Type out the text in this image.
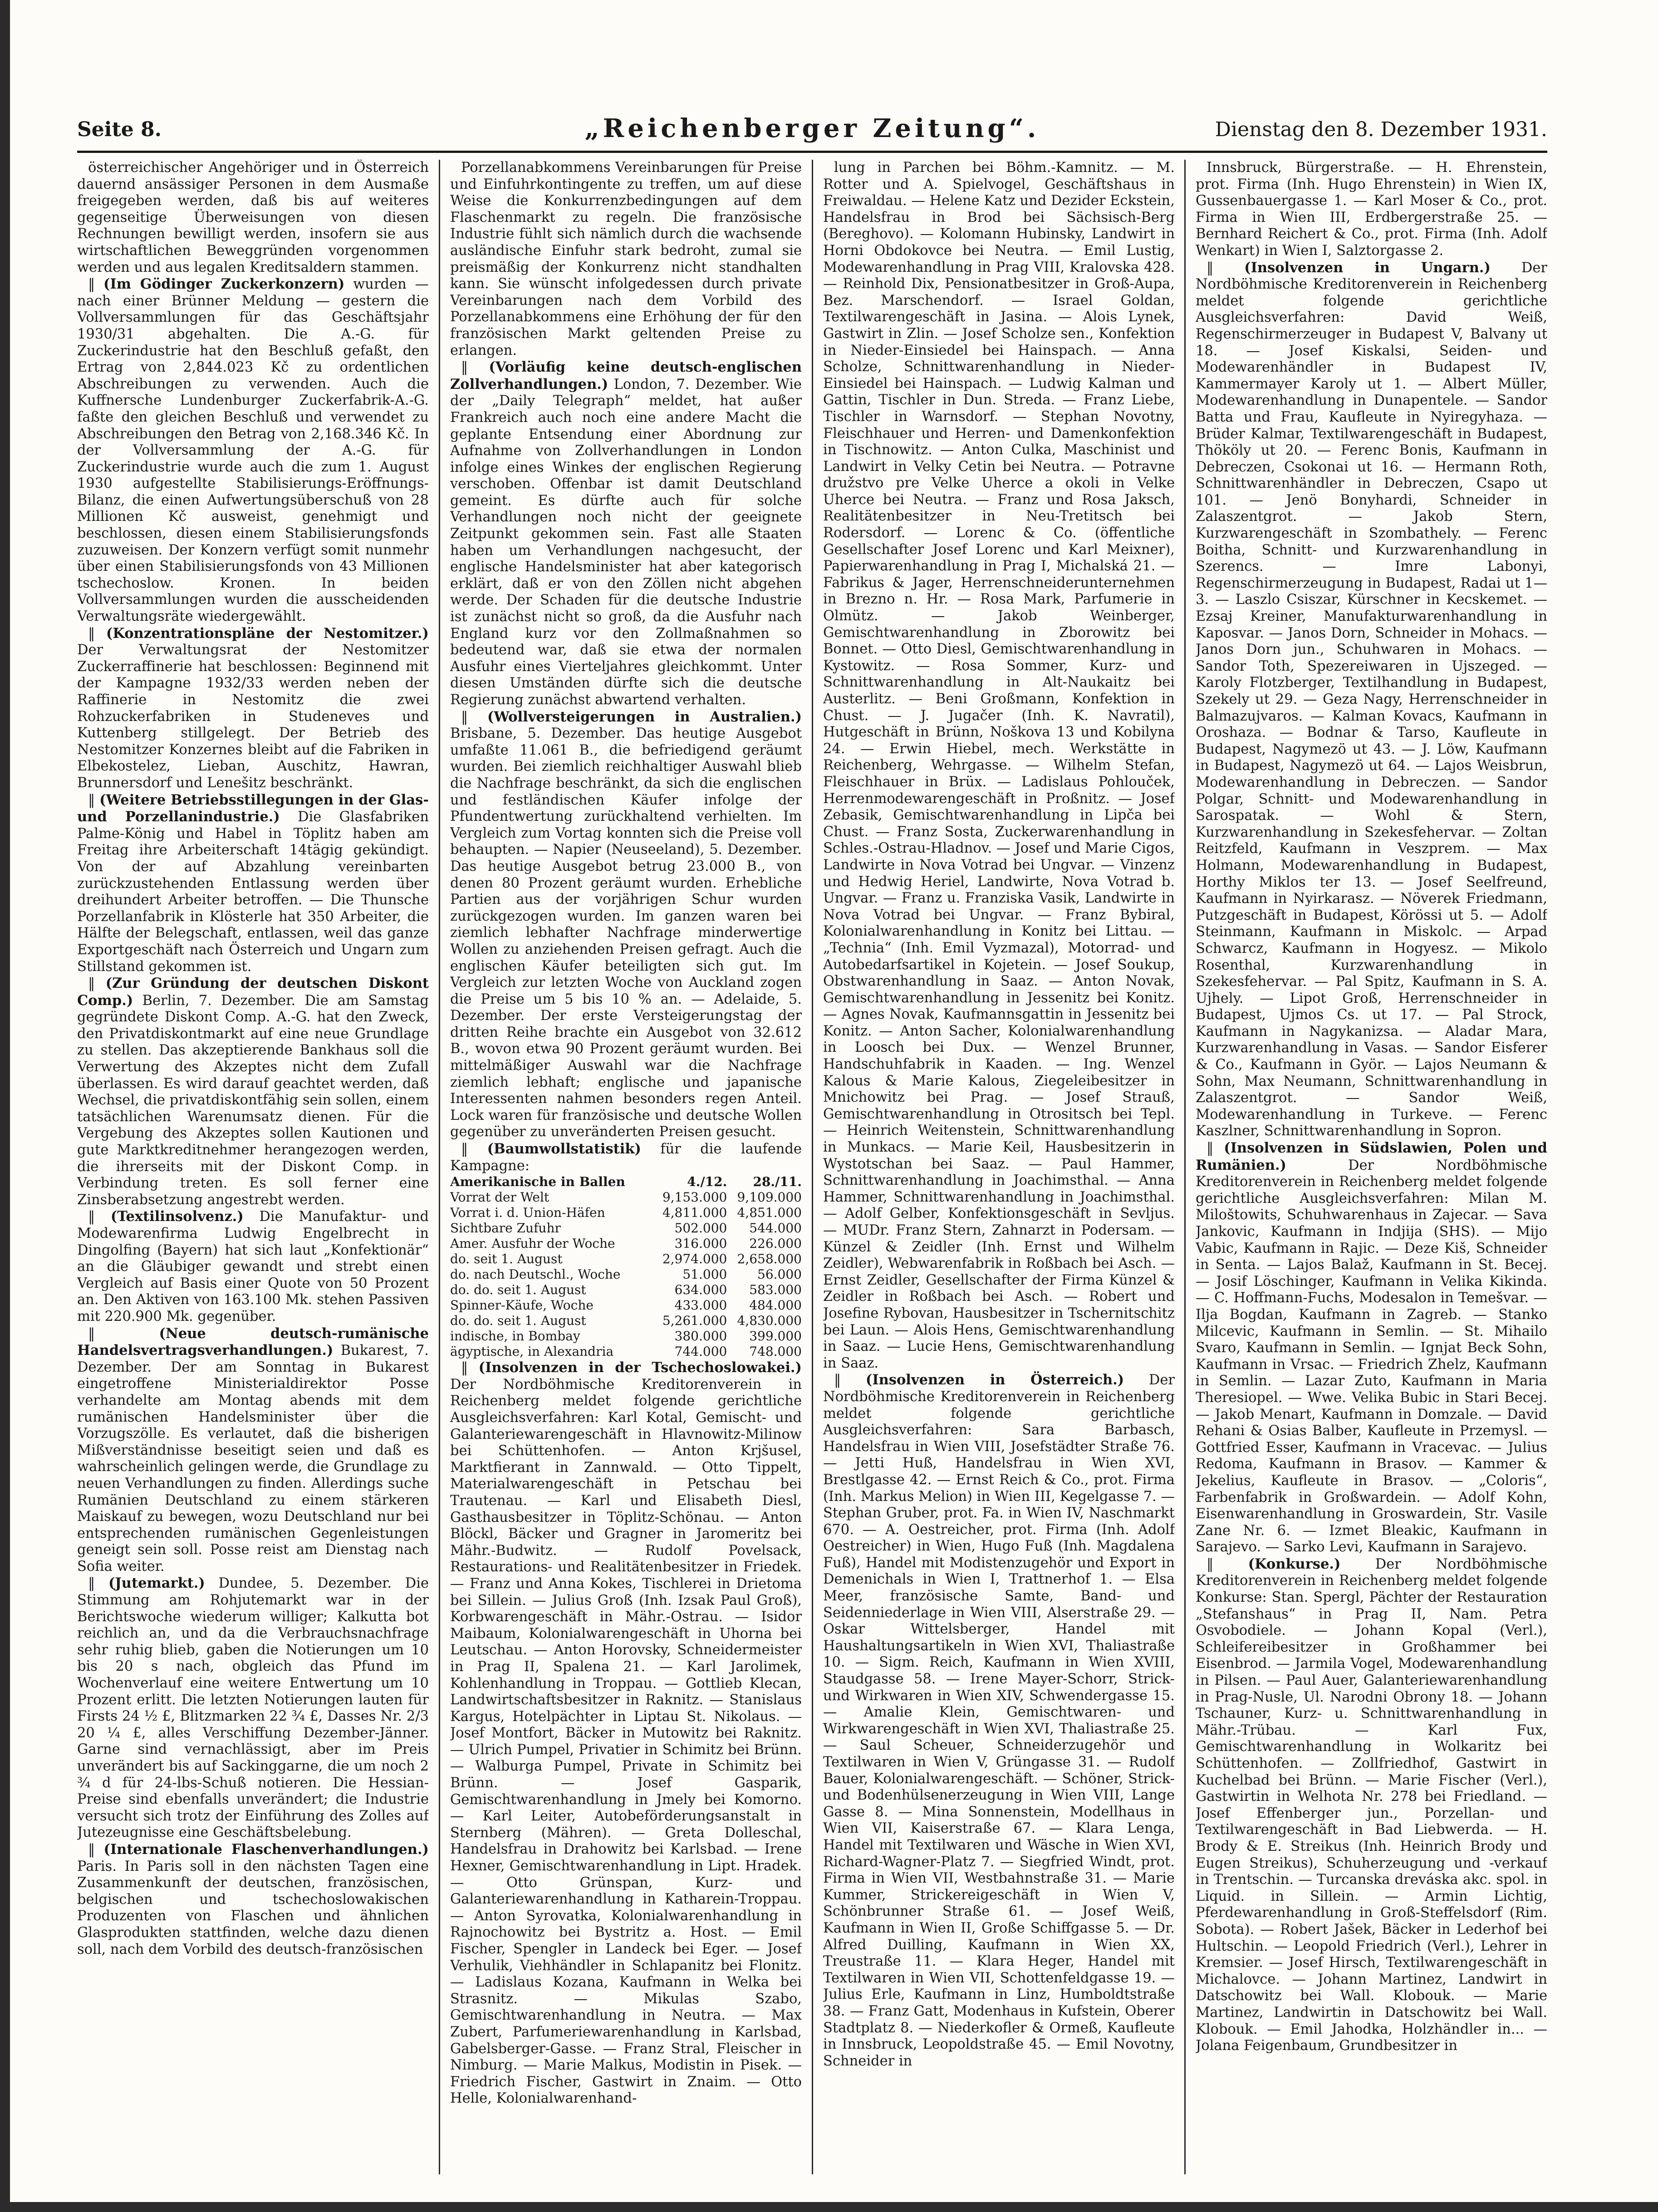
Seite 8.	„Reichenberger Zeitung“.	Dienstag den 8. Dezember 1931.

österreichischer Angehöriger und in Österreich dauernd ansässiger Personen in dem Ausmaße freigegeben werden, daß bis auf weiteres gegenseitige Überweisungen von diesen Rechnungen bewilligt werden, insofern sie aus wirtschaftlichen Beweggründen vorgenommen werden und aus legalen Kreditsaldern stammen.

‖ (Im Gödinger Zuckerkonzern) wurden — nach einer Brünner Meldung — gestern die Vollversammlungen für das Geschäftsjahr 1930/31 abgehalten. Die A.-G. für Zuckerindustrie hat den Beschluß gefaßt, den Ertrag von 2,844.023 Kč zu ordentlichen Abschreibungen zu verwenden. Auch die Kuffnersche Lundenburger Zuckerfabrik-A.-G. faßte den gleichen Beschluß und verwendet zu Abschreibungen den Betrag von 2,168.346 Kč. In der Vollversammlung der A.-G. für Zuckerindustrie wurde auch die zum 1. August 1930 aufgestellte Stabilisierungs-Eröffnungs-Bilanz, die einen Aufwertungsüberschuß von 28 Millionen Kč ausweist, genehmigt und beschlossen, diesen einem Stabilisierungsfonds zuzuweisen. Der Konzern verfügt somit nunmehr über einen Stabilisierungsfonds von 43 Millionen tschechoslow. Kronen. In beiden Vollversammlungen wurden die ausscheidenden Verwaltungsräte wiedergewählt.

‖ (Konzentrationspläne der Nestomitzer.) Der Verwaltungsrat der Nestomitzer Zuckerraffinerie hat beschlossen: Beginnend mit der Kampagne 1932/33 werden neben der Raffinerie in Nestomitz die zwei Rohzuckerfabriken in Studeneves und Kuttenberg stillgelegt. Der Betrieb des Nestomitzer Konzernes bleibt auf die Fabriken in Elbekostelez, Lieban, Auschitz, Hawran, Brunnersdorf und Lenešitz beschränkt.

‖ (Weitere Betriebsstillegungen in der Glas- und Porzellanindustrie.) Die Glasfabriken Palme-König und Habel in Töplitz haben am Freitag ihre Arbeiterschaft 14tägig gekündigt. Von der auf Abzahlung vereinbarten zurückzustehenden Entlassung werden über dreihundert Arbeiter betroffen. — Die Thunsche Porzellanfabrik in Klösterle hat 350 Arbeiter, die Hälfte der Belegschaft, entlassen, weil das ganze Exportgeschäft nach Österreich und Ungarn zum Stillstand gekommen ist.

‖ (Zur Gründung der deutschen Diskont Comp.) Berlin, 7. Dezember. Die am Samstag gegründete Diskont Comp. A.-G. hat den Zweck, den Privatdiskontmarkt auf eine neue Grundlage zu stellen. Das akzeptierende Bankhaus soll die Verwertung des Akzeptes nicht dem Zufall überlassen. Es wird darauf geachtet werden, daß Wechsel, die privatdiskontfähig sein sollen, einem tatsächlichen Warenumsatz dienen. Für die Vergebung des Akzeptes sollen Kautionen und gute Marktkreditnehmer herangezogen werden, die ihrerseits mit der Diskont Comp. in Verbindung treten. Es soll ferner eine Zinsberabsetzung angestrebt werden.

‖ (Textilinsolvenz.) Die Manufaktur- und Modewarenfirma Ludwig Engelbrecht in Dingolfing (Bayern) hat sich laut „Konfektionär“ an die Gläubiger gewandt und strebt einen Vergleich auf Basis einer Quote von 50 Prozent an. Den Aktiven von 163.100 Mk. stehen Passiven mit 220.900 Mk. gegenüber.

‖ (Neue deutsch-rumänische Handelsvertragsverhandlungen.) Bukarest, 7. Dezember. Der am Sonntag in Bukarest eingetroffene Ministerialdirektor Posse verhandelte am Montag abends mit dem rumänischen Handelsminister über die Vorzugszölle. Es verlautet, daß die bisherigen Mißverständnisse beseitigt seien und daß es wahrscheinlich gelingen werde, die Grundlage zu neuen Verhandlungen zu finden. Allerdings suche Rumänien Deutschland zu einem stärkeren Maiskauf zu bewegen, wozu Deutschland nur bei entsprechenden rumänischen Gegenleistungen geneigt sein soll. Posse reist am Dienstag nach Sofia weiter.

‖ (Jutemarkt.) Dundee, 5. Dezember. Die Stimmung am Rohjutemarkt war in der Berichtswoche wiederum williger; Kalkutta bot reichlich an, und da die Verbrauchsnachfrage sehr ruhig blieb, gaben die Notierungen um 10 bis 20 s nach, obgleich das Pfund im Wochenverlauf eine weitere Entwertung um 10 Prozent erlitt. Die letzten Notierungen lauten für Firsts 24 ½ £, Blitzmarken 22 ¾ £, Dasses Nr. 2/3 20 ¼ £, alles Verschiffung Dezember-Jänner. Garne sind vernachlässigt, aber im Preis unverändert bis auf Sackinggarne, die um noch 2 ¾ d für 24-lbs-Schuß notieren. Die Hessian-Preise sind ebenfalls unverändert; die Industrie versucht sich trotz der Einführung des Zolles auf Jutezeugnisse eine Geschäftsbelebung.

‖ (Internationale Flaschenverhandlungen.) Paris. In Paris soll in den nächsten Tagen eine Zusammenkunft der deutschen, französischen, belgischen und tschechoslowakischen Produzenten von Flaschen und ähnlichen Glasprodukten stattfinden, welche dazu dienen soll, nach dem Vorbild des deutsch-französischen

Porzellanabkommens Vereinbarungen für Preise und Einfuhrkontingente zu treffen, um auf diese Weise die Konkurrenzbedingungen auf dem Flaschenmarkt zu regeln. Die französische Industrie fühlt sich nämlich durch die wachsende ausländische Einfuhr stark bedroht, zumal sie preismäßig der Konkurrenz nicht standhalten kann. Sie wünscht infolgedessen durch private Vereinbarungen nach dem Vorbild des Porzellanabkommens eine Erhöhung der für den französischen Markt geltenden Preise zu erlangen.

‖ (Vorläufig keine deutsch-englischen Zollverhandlungen.) London, 7. Dezember. Wie der „Daily Telegraph“ meldet, hat außer Frankreich auch noch eine andere Macht die geplante Entsendung einer Abordnung zur Aufnahme von Zollverhandlungen in London infolge eines Winkes der englischen Regierung verschoben. Offenbar ist damit Deutschland gemeint. Es dürfte auch für solche Verhandlungen noch nicht der geeignete Zeitpunkt gekommen sein. Fast alle Staaten haben um Verhandlungen nachgesucht, der englische Handelsminister hat aber kategorisch erklärt, daß er von den Zöllen nicht abgehen werde. Der Schaden für die deutsche Industrie ist zunächst nicht so groß, da die Ausfuhr nach England kurz vor den Zollmaßnahmen so bedeutend war, daß sie etwa der normalen Ausfuhr eines Vierteljahres gleichkommt. Unter diesen Umständen dürfte sich die deutsche Regierung zunächst abwartend verhalten.

‖ (Wollversteigerungen in Australien.) Brisbane, 5. Dezember. Das heutige Ausgebot umfaßte 11.061 B., die befriedigend geräumt wurden. Bei ziemlich reichhaltiger Auswahl blieb die Nachfrage beschränkt, da sich die englischen und festländischen Käufer infolge der Pfundentwertung zurückhaltend verhielten. Im Vergleich zum Vortag konnten sich die Preise voll behaupten. — Napier (Neuseeland), 5. Dezember. Das heutige Ausgebot betrug 23.000 B., von denen 80 Prozent geräumt wurden. Erhebliche Partien aus der vorjährigen Schur wurden zurückgezogen wurden. Im ganzen waren bei ziemlich lebhafter Nachfrage minderwertige Wollen zu anziehenden Preisen gefragt. Auch die englischen Käufer beteiligten sich gut. Im Vergleich zur letzten Woche von Auckland zogen die Preise um 5 bis 10 % an. — Adelaide, 5. Dezember. Der erste Versteigerungstag der dritten Reihe brachte ein Ausgebot von 32.612 B., wovon etwa 90 Prozent geräumt wurden. Bei mittelmäßiger Auswahl war die Nachfrage ziemlich lebhaft; englische und japanische Interessenten nahmen besonders regen Anteil. Lock waren für französische und deutsche Wollen gegenüber zu unveränderten Preisen gesucht.

‖ (Baumwollstatistik) für die laufende Kampagne:

Amerikanische in Ballen	4./12.	28./11.
Vorrat der Welt	9,153.000	9,109.000
Vorrat i. d. Union-Häfen	4,811.000	4,851.000
Sichtbare Zufuhr	502.000	544.000
Amer. Ausfuhr der Woche	316.000	226.000
do. seit 1. August	2,974.000	2,658.000
do. nach Deutschl., Woche	51.000	56.000
do. do. seit 1. August	634.000	583.000
Spinner-Käufe, Woche	433.000	484.000
do. do. seit 1. August	5,261.000	4,830.000
indische, in Bombay	380.000	399.000
ägyptische, in Alexandria	744.000	748.000

‖ (Insolvenzen in der Tschechoslowakei.) Der Nordböhmische Kreditorenverein in Reichenberg meldet folgende gerichtliche Ausgleichsverfahren: Karl Kotal, Gemischt- und Galanteriewarengeschäft in Hlavnowitz-Milinow bei Schüttenhofen. — Anton Krjšusel, Marktfierant in Zannwald. — Otto Tippelt, Materialwarengeschäft in Petschau bei Trautenau. — Karl und Elisabeth Diesl, Gasthausbesitzer in Töplitz-Schönau. — Anton Blöckl, Bäcker und Gragner in Jaromeritz bei Mähr.-Budwitz. — Rudolf Povelsack, Restaurations- und Realitätenbesitzer in Friedek. — Franz und Anna Kokes, Tischlerei in Drietoma bei Sillein. — Julius Groß (Inh. Izsak Paul Groß), Korbwarengeschäft in Mähr.-Ostrau. — Isidor Maibaum, Kolonialwarengeschäft in Uhorna bei Leutschau. — Anton Horovsky, Schneidermeister in Prag II, Spalena 21. — Karl Jarolimek, Kohlenhandlung in Troppau. — Gottlieb Klecan, Landwirtschaftsbesitzer in Raknitz. — Stanislaus Kargus, Hotelpächter in Liptau St. Nikolaus. — Josef Montfort, Bäcker in Mutowitz bei Raknitz. — Ulrich Pumpel, Privatier in Schimitz bei Brünn. — Walburga Pumpel, Private in Schimitz bei Brünn. — Josef Gasparik, Gemischtwarenhandlung in Jmely bei Komorno. — Karl Leiter, Autobeförderungsanstalt in Sternberg (Mähren). — Greta Dolleschal, Handelsfrau in Drahowitz bei Karlsbad. — Irene Hexner, Gemischtwarenhandlung in Lipt. Hradek. — Otto Grünspan, Kurz- und Galanteriewarenhandlung in Katharein-Troppau. — Anton Syrovatka, Kolonialwarenhandlung in Rajnochowitz bei Bystritz a. Host. — Emil Fischer, Spengler in Landeck bei Eger. — Josef Verhulik, Viehhändler in Schlapanitz bei Flonitz. — Ladislaus Kozana, Kaufmann in Welka bei Strasnitz. — Mikulas Szabo, Gemischtwarenhandlung in Neutra. — Max Zubert, Parfumeriewarenhandlung in Karlsbad, Gabelsberger-Gasse. — Franz Stral, Fleischer in Nimburg. — Marie Malkus, Modistin in Pisek. — Friedrich Fischer, Gastwirt in Znaim. — Otto Helle, Kolonialwarenhand-

lung in Parchen bei Böhm.-Kamnitz. — M. Rotter und A. Spielvogel, Geschäftshaus in Freiwaldau. — Helene Katz und Dezider Eckstein, Handelsfrau in Brod bei Sächsisch-Berg (Bereghovo). — Kolomann Hubinsky, Landwirt in Horni Obdokovce bei Neutra. — Emil Lustig, Modewarenhandlung in Prag VIII, Kralovska 428. — Reinhold Dix, Pensionatbesitzer in Groß-Aupa, Bez. Marschendorf. — Israel Goldan, Textilwarengeschäft in Jasina. — Alois Lynek, Gastwirt in Zlin. — Josef Scholze sen., Konfektion in Nieder-Einsiedel bei Hainspach. — Anna Scholze, Schnittwarenhandlung in Nieder-Einsiedel bei Hainspach. — Ludwig Kalman und Gattin, Tischler in Dun. Streda. — Franz Liebe, Tischler in Warnsdorf. — Stephan Novotny, Fleischhauer und Herren- und Damenkonfektion in Tischnowitz. — Anton Culka, Maschinist und Landwirt in Velky Cetin bei Neutra. — Potravne družstvo pre Velke Uherce a okoli in Velke Uherce bei Neutra. — Franz und Rosa Jaksch, Realitätenbesitzer in Neu-Tretitsch bei Rodersdorf. — Lorenc & Co. (öffentliche Gesellschafter Josef Lorenc und Karl Meixner), Papierwarenhandlung in Prag I, Michalská 21. — Fabrikus & Jager, Herrenschneiderunternehmen in Brezno n. Hr. — Rosa Mark, Parfumerie in Olmütz. — Jakob Weinberger, Gemischtwarenhandlung in Zborowitz bei Bonnet. — Otto Diesl, Gemischtwarenhandlung in Kystowitz. — Rosa Sommer, Kurz- und Schnittwarenhandlung in Alt-Naukaitz bei Austerlitz. — Beni Großmann, Konfektion in Chust. — J. Jugačer (Inh. K. Navratil), Hutgeschäft in Brünn, Noškova 13 und Kobilyna 24. — Erwin Hiebel, mech. Werkstätte in Reichenberg, Wehrgasse. — Wilhelm Stefan, Fleischhauer in Brüx. — Ladislaus Pohlouček, Herrenmodewarengeschäft in Proßnitz. — Josef Zebasik, Gemischtwarenhandlung in Lipča bei Chust. — Franz Sosta, Zuckerwarenhandlung in Schles.-Ostrau-Hladnov. — Josef und Marie Cigos, Landwirte in Nova Votrad bei Ungvar. — Vinzenz und Hedwig Heriel, Landwirte, Nova Votrad b. Ungvar. — Franz u. Franziska Vasik, Landwirte in Nova Votrad bei Ungvar. — Franz Bybiral, Kolonialwarenhandlung in Konitz bei Littau. — „Technia“ (Inh. Emil Vyzmazal), Motorrad- und Autobedarfsartikel in Kojetein. — Josef Soukup, Obstwarenhandlung in Saaz. — Anton Novak, Gemischtwarenhandlung in Jessenitz bei Konitz. — Agnes Novak, Kaufmannsgattin in Jessenitz bei Konitz. — Anton Sacher, Kolonialwarenhandlung in Loosch bei Dux. — Wenzel Brunner, Handschuhfabrik in Kaaden. — Ing. Wenzel Kalous & Marie Kalous, Ziegeleibesitzer in Mnichowitz bei Prag. — Josef Strauß, Gemischtwarenhandlung in Otrositsch bei Tepl. — Heinrich Weitenstein, Schnittwarenhandlung in Munkacs. — Marie Keil, Hausbesitzerin in Wystotschan bei Saaz. — Paul Hammer, Schnittwarenhandlung in Joachimsthal. — Anna Hammer, Schnittwarenhandlung in Joachimsthal. — Adolf Gelber, Konfektionsgeschäft in Sevljus. — MUDr. Franz Stern, Zahnarzt in Podersam. — Künzel & Zeidler (Inh. Ernst und Wilhelm Zeidler), Webwarenfabrik in Roßbach bei Asch. — Ernst Zeidler, Gesellschafter der Firma Künzel & Zeidler in Roßbach bei Asch. — Robert und Josefine Rybovan, Hausbesitzer in Tschernitschitz bei Laun. — Alois Hens, Gemischtwarenhandlung in Saaz. — Lucie Hens, Gemischtwarenhandlung in Saaz.

‖ (Insolvenzen in Österreich.) Der Nordböhmische Kreditorenverein in Reichenberg meldet folgende gerichtliche Ausgleichsverfahren: Sara Barbasch, Handelsfrau in Wien VIII, Josefstädter Straße 76. — Jetti Huß, Handelsfrau in Wien XVI, Brestlgasse 42. — Ernst Reich & Co., prot. Firma (Inh. Markus Melion) in Wien III, Kegelgasse 7. — Stephan Gruber, prot. Fa. in Wien IV, Naschmarkt 670. — A. Oestreicher, prot. Firma (Inh. Adolf Oestreicher) in Wien, Hugo Fuß (Inh. Magdalena Fuß), Handel mit Modistenzugehör und Export in Demenichals in Wien I, Trattnerhof 1. — Elsa Meer, französische Samte, Band- und Seidenniederlage in Wien VIII, Alserstraße 29. — Oskar Wittelsberger, Handel mit Haushaltungsartikeln in Wien XVI, Thaliastraße 10. — Sigm. Reich, Kaufmann in Wien XVIII, Staudgasse 58. — Irene Mayer-Schorr, Strick- und Wirkwaren in Wien XIV, Schwendergasse 15. — Amalie Klein, Gemischtwaren- und Wirkwarengeschäft in Wien XVI, Thaliastraße 25. — Saul Scheuer, Schneiderzugehör und Textilwaren in Wien V, Grüngasse 31. — Rudolf Bauer, Kolonialwarengeschäft. — Schöner, Strick- und Bodenhülsenerzeugung in Wien VIII, Lange Gasse 8. — Mina Sonnenstein, Modellhaus in Wien VII, Kaiserstraße 67. — Klara Lenga, Handel mit Textilwaren und Wäsche in Wien XVI, Richard-Wagner-Platz 7. — Siegfried Windt, prot. Firma in Wien VII, Westbahnstraße 31. — Marie Kummer, Strickereigeschäft in Wien V, Schönbrunner Straße 61. — Josef Weiß, Kaufmann in Wien II, Große Schiffgasse 5. — Dr. Alfred Duilling, Kaufmann in Wien XX, Treustraße 11. — Klara Heger, Handel mit Textilwaren in Wien VII, Schottenfeldgasse 19. — Julius Erle, Kaufmann in Linz, Humboldtstraße 38. — Franz Gatt, Modenhaus in Kufstein, Oberer Stadtplatz 8. — Niederkofler & Ormeß, Kaufleute in Innsbruck, Leopoldstraße 45. — Emil Novotny, Schneider in

Innsbruck, Bürgerstraße. — H. Ehrenstein, prot. Firma (Inh. Hugo Ehrenstein) in Wien IX, Gussenbauergasse 1. — Karl Moser & Co., prot. Firma in Wien III, Erdbergerstraße 25. — Bernhard Reichert & Co., prot. Firma (Inh. Adolf Wenkart) in Wien I, Salztorgasse 2.

‖ (Insolvenzen in Ungarn.) Der Nordböhmische Kreditorenverein in Reichenberg meldet folgende gerichtliche Ausgleichsverfahren: David Weiß, Regenschirmerzeuger in Budapest V, Balvany ut 18. — Josef Kiskalsi, Seiden- und Modewarenhändler in Budapest IV, Kammermayer Karoly ut 1. — Albert Müller, Modewarenhandlung in Dunapentele. — Sandor Batta und Frau, Kaufleute in Nyiregyhaza. — Brüder Kalmar, Textilwarengeschäft in Budapest, Thököly ut 20. — Ferenc Bonis, Kaufmann in Debreczen, Csokonai ut 16. — Hermann Roth, Schnittwarenhändler in Debreczen, Csapo ut 101. — Jenö Bonyhardi, Schneider in Zalaszentgrot. — Jakob Stern, Kurzwarengeschäft in Szombathely. — Ferenc Boitha, Schnitt- und Kurzwarenhandlung in Szerencs. — Imre Labonyi, Regenschirmerzeugung in Budapest, Radai ut 1—3. — Laszlo Csiszar, Kürschner in Kecskemet. — Ezsaj Kreiner, Manufakturwarenhandlung in Kaposvar. — Janos Dorn, Schneider in Mohacs. — Janos Dorn jun., Schuhwaren in Mohacs. — Sandor Toth, Spezereiwaren in Ujszeged. — Karoly Flotzberger, Textilhandlung in Budapest, Szekely ut 29. — Geza Nagy, Herrenschneider in Balmazujvaros. — Kalman Kovacs, Kaufmann in Oroshaza. — Bodnar & Tarso, Kaufleute in Budapest, Nagymezö ut 43. — J. Löw, Kaufmann in Budapest, Nagymezö ut 64. — Lajos Weisbrun, Modewarenhandlung in Debreczen. — Sandor Polgar, Schnitt- und Modewarenhandlung in Sarospatak. — Wohl & Stern, Kurzwarenhandlung in Szekesfehervar. — Zoltan Reitzfeld, Kaufmann in Veszprem. — Max Holmann, Modewarenhandlung in Budapest, Horthy Miklos ter 13. — Josef Seelfreund, Kaufmann in Nyirkarasz. — Növerek Friedmann, Putzgeschäft in Budapest, Körössi ut 5. — Adolf Steinmann, Kaufmann in Miskolc. — Arpad Schwarcz, Kaufmann in Hogyesz. — Mikolo Rosenthal, Kurzwarenhandlung in Szekesfehervar. — Pal Spitz, Kaufmann in S. A. Ujhely. — Lipot Groß, Herrenschneider in Budapest, Ujmos Cs. ut 17. — Pal Strock, Kaufmann in Nagykanizsa. — Aladar Mara, Kurzwarenhandlung in Vasas. — Sandor Eisferer & Co., Kaufmann in Györ. — Lajos Neumann & Sohn, Max Neumann, Schnittwarenhandlung in Zalaszentgrot. — Sandor Weiß, Modewarenhandlung in Turkeve. — Ferenc Kaszlner, Schnittwarenhandlung in Sopron.

‖ (Insolvenzen in Südslawien, Polen und Rumänien.)	Der Nordböhmische Kreditorenverein in Reichenberg meldet folgende gerichtliche Ausgleichsverfahren: Milan M. Miloštowits, Schuhwarenhaus in Zajecar. — Sava Jankovic, Kaufmann in Indjija (SHS). — Mijo Vabic, Kaufmann in Rajic. — Deze Kiš, Schneider in Senta. — Lajos Balaž, Kaufmann in St. Becej. — Josif Löschinger, Kaufmann in Velika Kikinda. — C. Hoffmann-Fuchs, Modesalon in Temešvar. — Ilja Bogdan, Kaufmann in Zagreb. — Stanko Milcevic, Kaufmann in Semlin. — St. Mihailo Svaro, Kaufmann in Semlin. — Ignjat Beck Sohn, Kaufmann in Vrsac. — Friedrich Zhelz, Kaufmann in Semlin. — Lazar Zuto, Kaufmann in Maria Theresiopel. — Wwe. Velika Bubic in Stari Becej. — Jakob Menart, Kaufmann in Domzale. — David Rehani & Osias Balber, Kaufleute in Przemysl. — Gottfried Esser, Kaufmann in Vracevac. — Julius Redoma, Kaufmann in Brasov. — Kammer & Jekelius, Kaufleute in Brasov. — „Coloris“, Farbenfabrik in Großwardein. — Adolf Kohn, Eisenwarenhandlung in Groswardein, Str. Vasile Zane Nr. 6. — Izmet Bleakic, Kaufmann in Sarajevo. — Sarko Levi, Kaufmann in Sarajevo.

‖ (Konkurse.)	Der Nordböhmische Kreditorenverein in Reichenberg meldet folgende Konkurse: Stan. Spergl, Pächter der Restauration „Stefanshaus“ in Prag II, Nam. Petra Osvobodiele. — Johann Kopal (Verl.), Schleifereibesitzer in Großhammer bei Eisenbrod. — Jarmila Vogel, Modewarenhandlung in Pilsen. — Paul Auer, Galanteriewarenhandlung in Prag-Nusle, Ul. Narodni Obrony 18. — Johann Tschauner, Kurz- u. Schnittwarenhandlung in Mähr.-Trübau. — Karl Fux, Gemischtwarenhandlung in Wolkaritz bei Schüttenhofen. — Zollfriedhof, Gastwirt in Kuchelbad bei Brünn. — Marie Fischer (Verl.), Gastwirtin in Welhota Nr. 278 bei Friedland. — Josef Effenberger jun., Porzellan- und Textilwarengeschäft in Bad Liebwerda. — H. Brody & E. Streikus (Inh. Heinrich Brody und Eugen Streikus), Schuherzeugung und -verkauf in Trentschin. — Turcanska dreváska akc. spol. in Liquid. in Sillein. — Armin Lichtig, Pferdewarenhandlung in Groß-Steffelsdorf (Rim. Sobota). — Robert Jašek, Bäcker in Lederhof bei Hultschin. — Leopold Friedrich (Verl.), Lehrer in Kremsier. — Josef Hirsch, Textilwarengeschäft in Michalovce. — Johann Martinez, Landwirt in Datschowitz bei Wall. Klobouk. — Marie Martinez, Landwirtin in Datschowitz bei Wall. Klobouk. — Emil Jahodka, Holzhändler in... — Jolana Feigenbaum, Grundbesitzer in
